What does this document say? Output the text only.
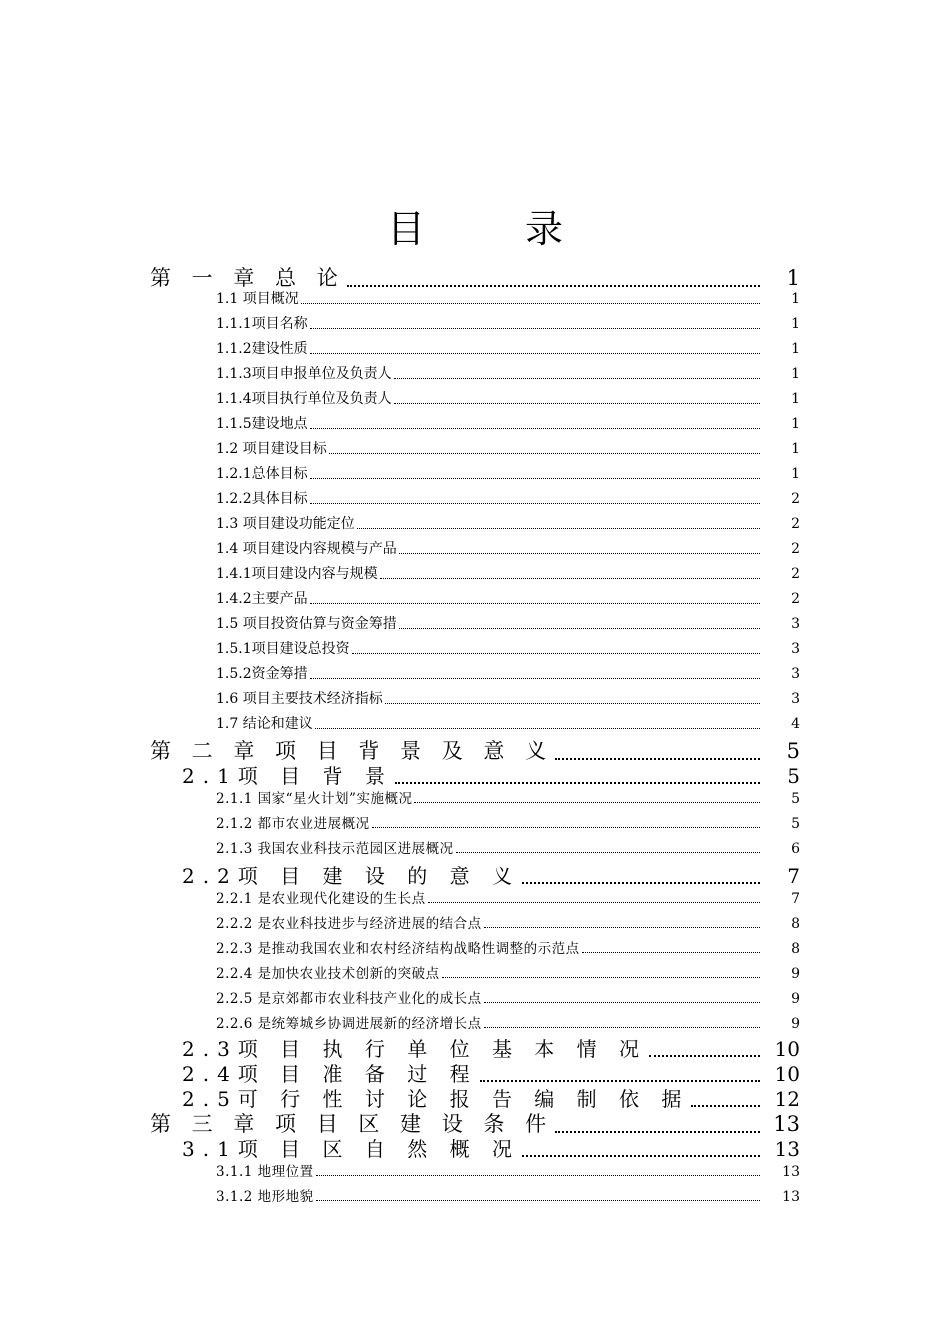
目	录
第 一 章 总 论	1
1.1 项目概况	1
1.1.1项目名称	1
1.1.2建设性质	1
1.1.3项目申报单位及负责人	1
1.1.4项目执行单位及负责人	1
1.1.5建设地点	1
1.2 项目建设目标	1
1.2.1总体目标	1
1.2.2具体目标	2
1.3 项目建设功能定位	2
1.4 项目建设内容规模与产品	2
1.4.1项目建设内容与规模	2
1.4.2主要产品	2
1.5 项目投资估算与资金筹措	3
1.5.1项目建设总投资	3
1.5.2资金筹措	3
1.6 项目主要技术经济指标	3
1.7 结论和建议	4
第 二 章 项 目 背 景 及 意 义	5
2.1项 目 背 景	5
2.1.1 国家“星火计划”实施概况	5
2.1.2 都市农业进展概况	5
2.1.3 我国农业科技示范园区进展概况	6
2.2项 目 建 设 的 意 义	7
2.2.1 是农业现代化建设的生长点	7
2.2.2 是农业科技进步与经济进展的结合点	8
2.2.3 是推动我国农业和农村经济结构战略性调整的示范点	8
2.2.4 是加快农业技术创新的突破点	9
2.2.5 是京郊都市农业科技产业化的成长点	9
2.2.6 是统筹城乡协调进展新的经济增长点	9
2.3项 目 执 行 单 位 基 本 情 况	10
2.4项 目 准 备 过 程	10
2.5可 行 性 讨 论 报 告 编 制 依 据	12
第 三 章 项 目 区 建 设 条 件	13
3.1项 目 区 自 然 概 况	13
3.1.1 地理位置	13
3.1.2 地形地貌	13
